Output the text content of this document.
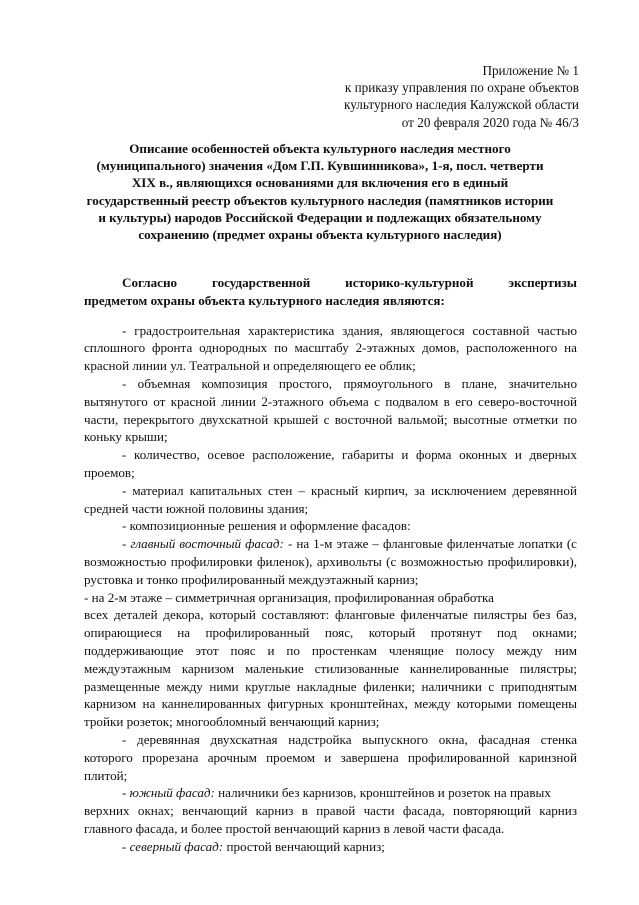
Приложение № 1
к приказу управления по охране объектов
культурного наследия Калужской области
от 20 февраля 2020 года № 46/3

Описание особенностей объекта культурного наследия местного (муниципального) значения «Дом Г.П. Кувшинникова», 1-я, посл. четверти XIX в., являющихся основаниями для включения его в единый государственный реестр объектов культурного наследия (памятников истории и культуры) народов Российской Федерации и подлежащих обязательному сохранению (предмет охраны объекта культурного наследия)

Согласно государственной историко-культурной экспертизы

предметом охраны объекта культурного наследия являются:

- градостроительная характеристика здания, являющегося составной частью сплошного фронта однородных по масштабу 2-этажных домов, расположенного на красной линии ул. Театральной и определяющего ее облик;

- объемная композиция простого, прямоугольного в плане, значительно вытянутого от красной линии 2-этажного объема с подвалом в его северо-восточной части, перекрытого двухскатной крышей с восточной вальмой; высотные отметки по коньку крыши;

- количество, осевое расположение, габариты и форма оконных и дверных проемов;

- материал капитальных стен – красный кирпич, за исключением деревянной средней части южной половины здания;

- композиционные решения и оформление фасадов:

- главный восточный фасад: - на 1-м этаже – фланговые филенчатые лопатки (с возможностью профилировки филенок), архивольты (с возможностью профилировки), рустовка и тонко профилированный междуэтажный карниз;

- на 2-м этаже – симметричная организация, профилированная обработка

всех деталей декора, который составляют: фланговые филенчатые пилястры без баз, опирающиеся на профилированный пояс, который протянут под окнами; поддерживающие этот пояс и по простенкам членящие полосу между ним междуэтажным карнизом маленькие стилизованные каннелированные пилястры; размещенные между ними круглые накладные филенки; наличники с приподнятым карнизом на каннелированных фигурных кронштейнах, между которыми помещены тройки розеток; многообломный венчающий карниз;

- деревянная двухскатная надстройка выпускного окна, фасадная стенка которого прорезана арочным проемом и завершена профилированной каринзной плитой;

- южный фасад: наличники без карнизов, кронштейнов и розеток на правых

верхних окнах; венчающий карниз в правой части фасада, повторяющий карниз главного фасада, и более простой венчающий карниз в левой части фасада.

- северный фасад: простой венчающий карниз;
